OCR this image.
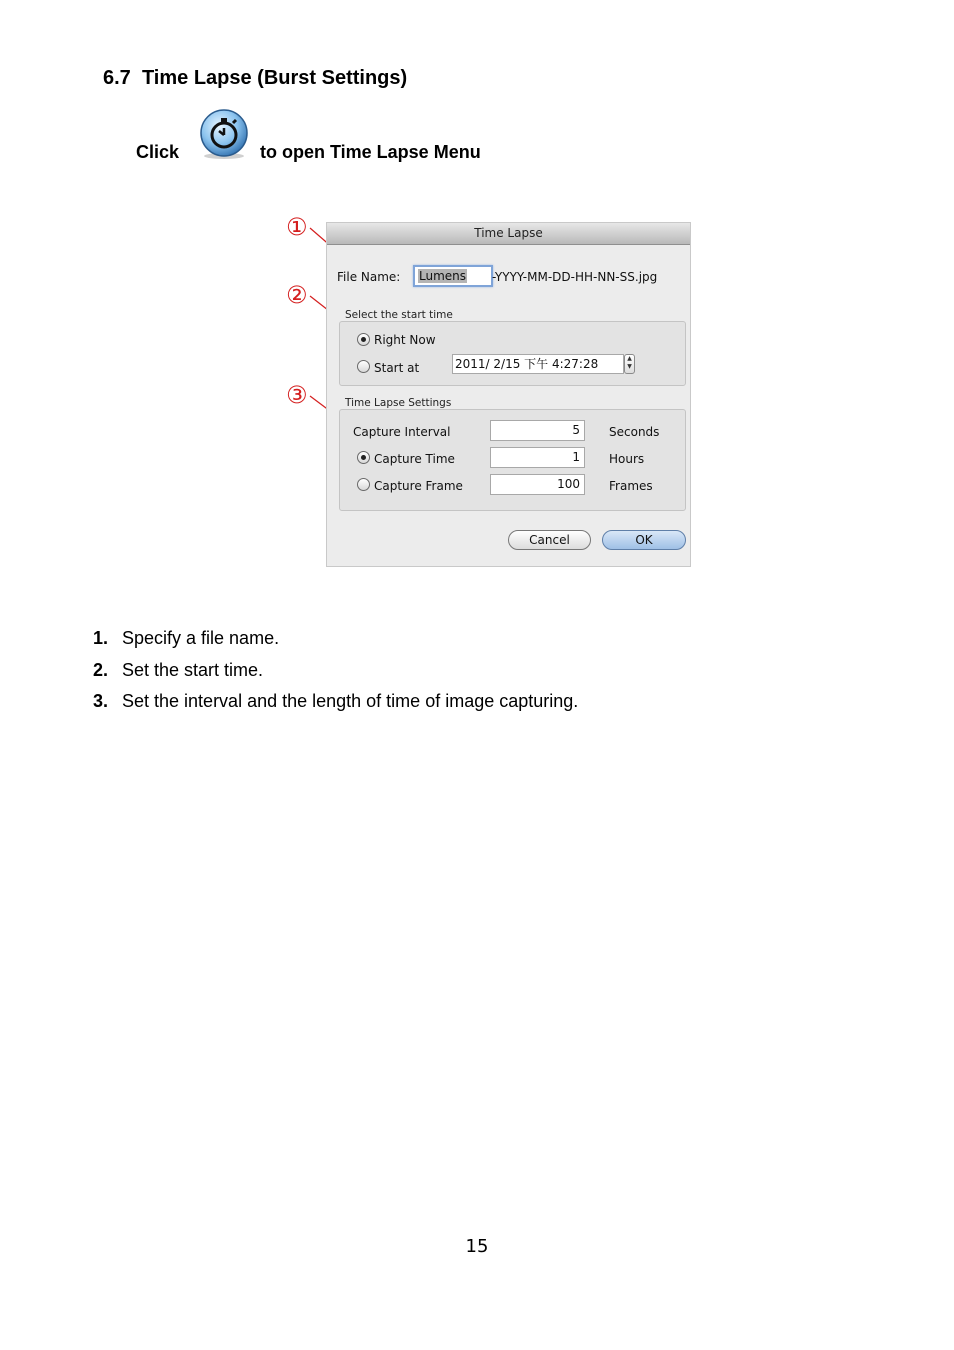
6.7 Time Lapse (Burst Settings)
Click	to open Time Lapse Menu
①
②
③
Time Lapse
File Name:	Lumens	-YYYY-MM-DD-HH-NN-SS.jpg
Select the start time
Right Now
Start at	2011/ 2/15 下午 4:27:28	▲
▼
Time Lapse Settings
Capture Interval	5	Seconds
Capture Time	1	Hours
Capture Frame	100	Frames
Cancel	OK
1. Specify a file name.
2. Set the start time.
3. Set the interval and the length of time of image capturing.
15
